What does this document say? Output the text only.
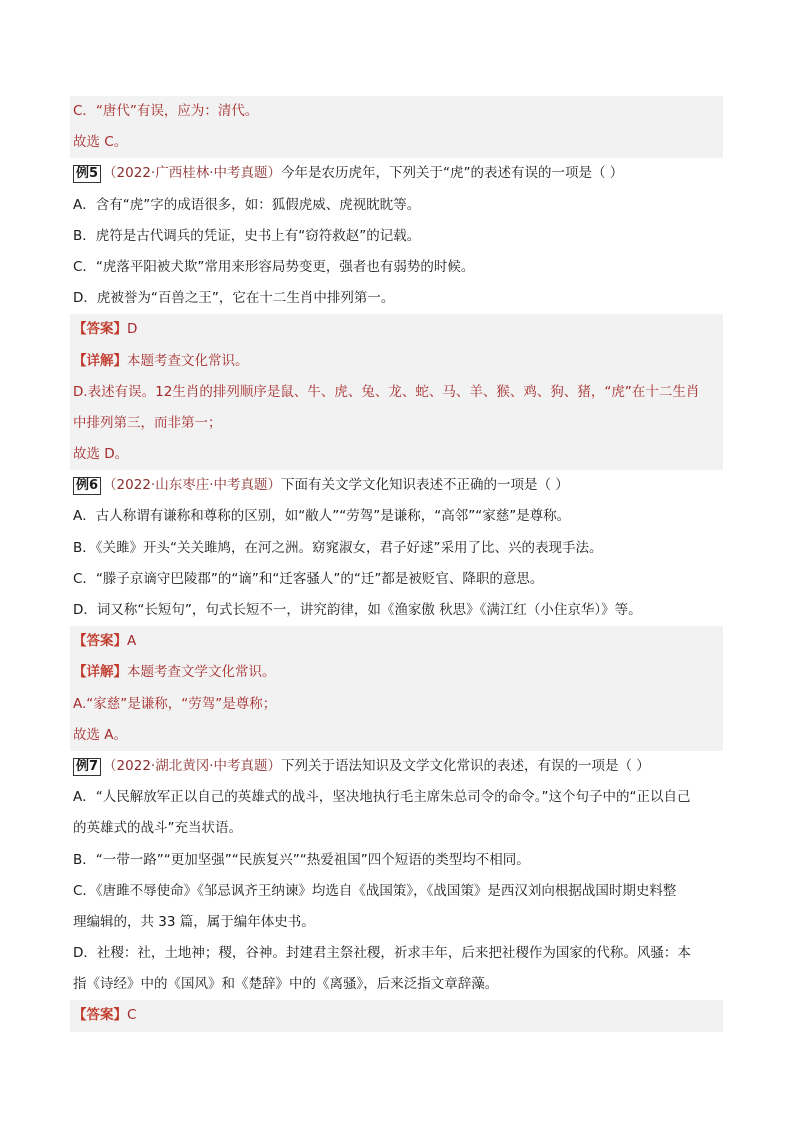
C．“唐代”有误，应为：清代。
故选 C。
例5 （2022·广西桂林·中考真题）今年是农历虎年，下列关于“虎”的表述有误的一项是（ ）
A．含有“虎”字的成语很多，如：狐假虎威、虎视眈眈等。
B．虎符是古代调兵的凭证，史书上有“窃符救赵”的记载。
C．“虎落平阳被犬欺”常用来形容局势变更，强者也有弱势的时候。
D．虎被誉为“百兽之王”，它在十二生肖中排列第一。
【答案】D
【详解】本题考查文化常识。
D.表述有误。12生肖的排列顺序是鼠、牛、虎、兔、龙、蛇、马、羊、猴、鸡、狗、猪，“虎”在十二生肖
中排列第三，而非第一；
故选 D。
例6 （2022·山东枣庄·中考真题）下面有关文学文化知识表述不正确的一项是（ ）
A．古人称谓有谦称和尊称的区别，如“敝人”“劳驾”是谦称，“高邻”“家慈”是尊称。
B．《关雎》开头“关关雎鸠，在河之洲。窈窕淑女，君子好逑”采用了比、兴的表现手法。
C．“滕子京谪守巴陵郡”的“谪”和“迁客骚人”的“迁”都是被贬官、降职的意思。
D．词又称“长短句”，句式长短不一，讲究韵律，如《渔家傲 秋思》《满江红（小住京华）》等。
【答案】A
【详解】本题考查文学文化常识。
A.“家慈”是谦称，“劳驾”是尊称；
故选 A。
例7 （2022·湖北黄冈·中考真题）下列关于语法知识及文学文化常识的表述，有误的一项是（ ）
A．“人民解放军正以自己的英雄式的战斗，坚决地执行毛主席朱总司令的命令。”这个句子中的“正以自己
的英雄式的战斗”充当状语。
B．“一带一路”“更加坚强”“民族复兴”“热爱祖国”四个短语的类型均不相同。
C．《唐雎不辱使命》《邹忌讽齐王纳谏》均选自《战国策》，《战国策》是西汉刘向根据战国时期史料整
理编辑的，共 33 篇，属于编年体史书。
D．社稷：社，土地神；稷，谷神。封建君主祭社稷，祈求丰年，后来把社稷作为国家的代称。风骚：本
指《诗经》中的《国风》和《楚辞》中的《离骚》，后来泛指文章辞藻。
【答案】C
